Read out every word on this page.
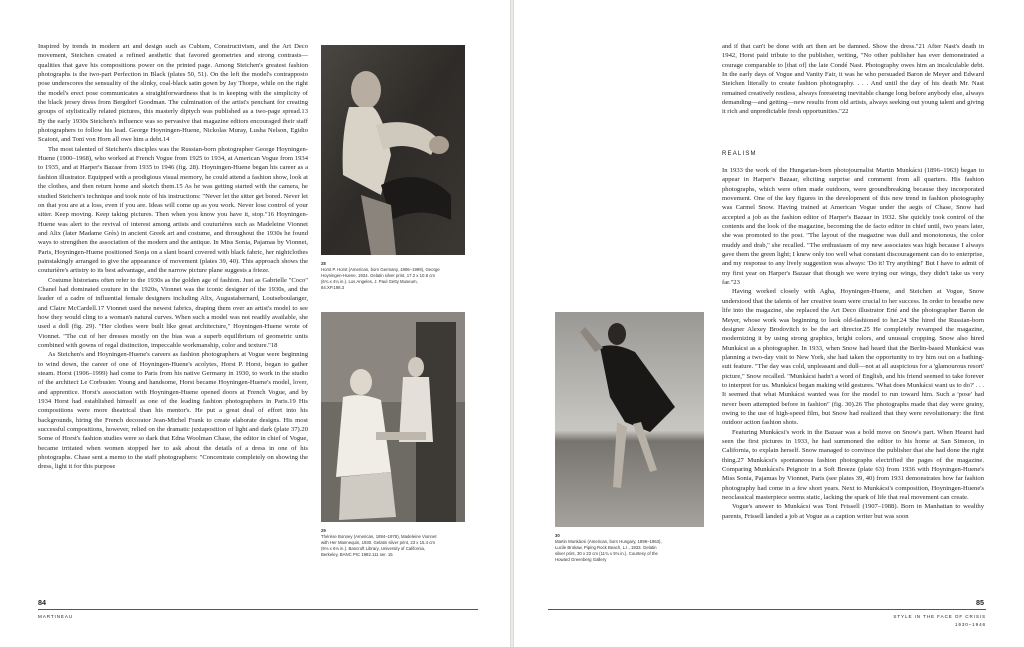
Inspired by trends in modern art and design such as Cubism, Constructivism, and the Art Deco movement, Steichen created a refined aesthetic that favored geometries and strong contrasts—qualities that gave his compositions power on the printed page. Among Steichen's greatest fashion photographs is the two-part Perfection in Black (plates 50, 51). On the left the model's contrapposto pose underscores the sensuality of the slinky, coal-black satin gown by Jay Thorpe, while on the right the model's erect pose communicates a straightforwardness that is in keeping with the simplicity of the black jersey dress from Bergdorf Goodman. The culmination of the artist's penchant for creating groups of stylistically related pictures, this masterly diptych was published as a two-page spread.13 By the early 1930s Steichen's influence was so pervasive that magazine editors encouraged their staff photographers to follow his lead. George Hoyningen-Huene, Nickolas Muray, Lusha Nelson, Egidio Scaioni, and Toni von Horn all owe him a debt.14

The most talented of Steichen's disciples was the Russian-born photographer George Hoyningen-Huene (1900–1968), who worked at French Vogue from 1925 to 1934, at American Vogue from 1934 to 1935, and at Harper's Bazaar from 1935 to 1946 (fig. 28). Hoyningen-Huene began his career as a fashion illustrator. Equipped with a prodigious visual memory, he could attend a fashion show, look at the clothes, and then return home and sketch them.15 As he was getting started with the camera, he studied Steichen's technique and took note of his instructions: "Never let the sitter get bored. Never let on that you are at a loss, even if you are. Ideas will come up as you work. Never lose control of your sitter. Keep moving. Keep taking pictures. Then when you know you have it, stop."16 Hoyningen-Huene was alert to the revival of interest among artists and couturières such as Madeleine Vionnet and Alix (later Madame Grès) in ancient Greek art and costume, and throughout the 1930s he found ways to strengthen the association of the modern and the antique. In Miss Sonia, Pajamas by Vionnet, Paris, Hoyningen-Huene positioned Sonja on a slant board covered with black fabric, her nightclothes painstakingly arranged to give the appearance of movement (plates 39, 40). This approach shows the couturière's artistry to its best advantage, and the narrow picture plane suggests a frieze.

Costume historians often refer to the 1930s as the golden age of fashion. Just as Gabrielle "Coco" Chanel had dominated couture in the 1920s, Vionnet was the iconic designer of the 1930s, and the leader of a cadre of influential female designers including Alix, Augustabernard, Louiseboulanger, and Claire McCardell.17 Vionnet used the newest fabrics, draping them over an artist's model to see how they would cling to a woman's natural curves. When such a model was not readily available, she used a doll (fig. 29). "Her clothes were built like great architecture," Hoyningen-Huene wrote of Vionnet. "The cut of her dresses mostly on the bias was a superb equilibrium of geometric units combined with gowns of regal distinction, impeccable workmanship, color and texture."18

As Steichen's and Hoyningen-Huene's careers as fashion photographers at Vogue were beginning to wind down, the career of one of Hoyningen-Huene's acolytes, Horst P. Horst, began to gather steam. Horst (1906–1999) had come to Paris from his native Germany in 1930, to work in the studio of the architect Le Corbusier. Young and handsome, Horst became Hoyningen-Huene's model, lover, and apprentice. Horst's association with Hoyningen-Huene opened doors at French Vogue, and by 1934 Horst had established himself as one of the leading fashion photographers in Paris.19 His compositions were more theatrical than his mentor's. He put a great deal of effort into his backgrounds, hiring the French decorator Jean-Michel Frank to create elaborate designs. His most successful compositions, however, relied on the dramatic juxtaposition of light and dark (plate 37).20 Some of Horst's fashion studies were so dark that Edna Woolman Chase, the editor in chief of Vogue, became irritated when women stopped her to ask about the details of a dress in one of his photographs. Chase sent a memo to the staff photographers: "Concentrate completely on showing the dress, light it for this purpose

28
Horst P. Horst (American, born Germany, 1906–1999), George Hoyningen-Huene, 1934. Gelatin silver print, 17.2 x 10.8 cm (6¾ x 4¼ in.). Los Angeles, J. Paul Getty Museum, 84.XP.198.3
29
Thérèse Bonney (American, 1894–1978), Madeleine Vionnet with Her Mannequin, 1930. Gelatin silver print, 23 x 15.4 cm (9⅛ x 6⅛ in.). Bancroft Library, University of California, Berkeley, BANC PIC 1982.111 ser. 15
84
MARTINEAU

and if that can't be done with art then art be damned. Show the dress."21 After Nast's death in 1942, Horst paid tribute to the publisher, writing, "No other publisher has ever demonstrated a courage comparable to [that of] the late Condé Nast. Photography owes him an incalculable debt. In the early days of Vogue and Vanity Fair, it was he who persuaded Baron de Meyer and Edward Steichen literally to create fashion photography. . . . And until the day of his death Mr. Nast remained creatively restless, always foreseeing inevitable change long before anybody else, always demanding—and getting—new results from old artists, always seeking out young talent and giving it rich and unpredictable fresh opportunities."22

REALISM

In 1933 the work of the Hungarian-born photojournalist Martin Munkácsi (1896–1963) began to appear in Harper's Bazaar, eliciting surprise and comment from all quarters. His fashion photographs, which were often made outdoors, were groundbreaking because they incorporated movement. One of the key figures in the development of this new trend in fashion photography was Carmel Snow. Having trained at American Vogue under the aegis of Chase, Snow had accepted a job as the fashion editor of Harper's Bazaar in 1932. She quickly took control of the contents and the look of the magazine, becoming the de facto editor in chief until, two years later, she was promoted to the post. "The layout of the magazine was dull and monotonous, the color muddy and drab," she recalled. "The enthusiasm of my new associates was high because I always gave them the green light; I knew only too well what constant discouragement can do to enterprise, and my response to any lively suggestion was always: 'Do it! Try anything!' But I have to admit of my first year on Harper's Bazaar that though we were trying our wings, they didn't take us very far."23

Having worked closely with Agha, Hoyningen-Huene, and Steichen at Vogue, Snow understood that the talents of her creative team were crucial to her success. In order to breathe new life into the magazine, she replaced the Art Deco illustrator Erté and the photographer Baron de Meyer, whose work was beginning to look old-fashioned to her.24 She hired the Russian-born designer Alexey Brodovitch to be the art director.25 He completely revamped the magazine, modernizing it by using strong graphics, bright colors, and unusual cropping. Snow also hired Munkácsi as a photographer. In 1933, when Snow had heard that the Berlin-based Munkácsi was planning a two-day visit to New York, she had taken the opportunity to try him out on a bathing-suit feature. "The day was cold, unpleasant and dull—not at all auspicious for a 'glamourous resort' picture," Snow recalled. "Munkácsi hadn't a word of English, and his friend seemed to take forever to interpret for us. Munkácsi began making wild gestures. 'What does Munkácsi want us to do?' . . . It seemed that what Munkácsi wanted was for the model to run toward him. Such a 'pose' had never been attempted before in fashion" (fig. 30).26 The photographs made that day were grainy, owing to the use of high-speed film, but Snow had realized that they were revolutionary: the first outdoor action fashion shots.

Featuring Munkácsi's work in the Bazaar was a bold move on Snow's part. When Hearst had seen the first pictures in 1933, he had summoned the editor to his home at San Simeon, in California, to explain herself. Snow managed to convince the publisher that she had done the right thing.27 Munkácsi's spontaneous fashion photographs electrified the pages of the magazine. Comparing Munkácsi's Peignoir in a Soft Breeze (plate 63) from 1936 with Hoyningen-Huene's Miss Sonia, Pajamas by Vionnet, Paris (see plates 39, 40) from 1931 demonstrates how far fashion photography had come in a few short years. Next to Munkácsi's composition, Hoyningen-Huene's neoclassical masterpiece seems static, lacking the spark of life that real movement can create.

Vogue's answer to Munkácsi was Toni Frissell (1907–1988). Born in Manhattan to wealthy parents, Frissell landed a job at Vogue as a caption writer but was soon

30
Martin Munkácsi (American, born Hungary, 1896–1963), Lucile Brokaw, Piping Rock Beach, L.I., 1933. Gelatin silver print, 30 x 23 cm (11¾ x 9⅛ in.). Courtesy of the Howard Greenberg Gallery
85
STYLE IN THE FACE OF CRISIS
1930–1946
